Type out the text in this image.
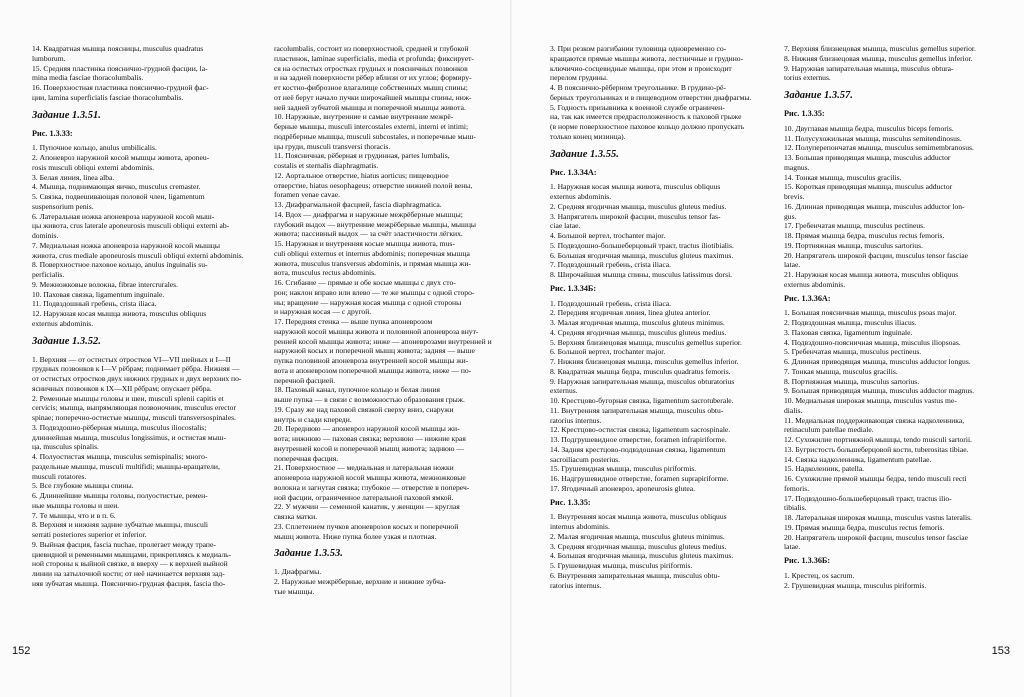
14. Квадратная мышца поясницы, musculus quadratus
lumborum.
15. Средняя пластинка пояснично-грудной фасции, la-
mina media fasciae thoracolumbalis.
16. Поверхностная пластинка пояснично-грудной фас-
ции, lamina superficialis fasciae thoracolumbalis.
Задание 1.3.51.
Рис. 1.3.33:
1. Пупочное кольцо, anulus umbilicalis.
2. Апоневроз наружной косой мышцы живота, aponeu-
rosis musculi obliqui externi abdominis.
3. Белая линия, linea alba.
4. Мышца, поднимающая яичко, musculus cremaster.
5. Связка, подвешивающая половой член, ligamentum
suspensorium penis.
6. Латеральная ножка апоневроза наружной косой мыш-
цы живота, crus laterale aponeurosis musculi obliqui externi ab-
dominis.
7. Медиальная ножка апоневроза наружной косой мышцы
живота, crus mediale aponeurosis musculi obliqui externi abdominis.
8. Поверхностное паховое кольцо, anulus inguinalis su-
perficialis.
9. Межножковые волокна, fibrae intercrurales.
10. Паховая связка, ligamentum inguinale.
11. Подвздошный гребень, crista iliaca.
12. Наружная косая мышца живота, musculus obliquus
externus abdominis.
Задание 1.3.52.
1. Верхняя — от остистых отростков VI—VII шейных и I—II
грудных позвонков к I—V рёбрам; поднимает рёбра. Нижняя —
от остистых отростков двух нижних грудных и двух верхних по-
ясничных позвонков к IX—XII рёбрам; опускает рёбра.
2. Ременные мышцы головы и шеи, musculi splenii capitis et
cervicis; мышца, выпрямляющая позвоночник, musculus erector
spinae; поперечно-остистые мышцы, musculi transversospinales.
3. Подвздошно-рёберная мышца, musculus iliocostalis;
длиннейшая мышца, musculus longissimus, и остистая мыш-
ца, musculus spinalis.
4. Полуостистая мышца, musculus semispinalis; много-
раздельные мышцы, musculi multifidi; мышцы-вращатели,
musculi rotatores.
5. Все глубокие мышцы спины.
6. Длиннейшие мышцы головы, полуостистые, ремен-
ные мышцы головы и шеи.
7. Те мышцы, что и в п. 6.
8. Верхняя и нижняя задние зубчатые мышцы, musculi
serrati posteriores superior et inferior.
9. Выйная фасция, fascia nuchae, пролегает между трапе-
циевидной и ременными мышцами, прикрепляясь к медиаль-
ной стороны к выйной связке, в вверху — к верхней выйной
линии на затылочной кости; от неё начинается верхняя зад-
няя зубчатая мышца. Пояснично-грудная фасция, fascia tho-
racolumbalis, состоит из поверхностной, средней и глубокой
пластинок, laminae superficialis, media et profunda; фиксирует-
ся на остистых отростках грудных и поясничных позвонков
и на задней поверхности рёбер вблизи от их углов; формиру-
ет костно-фиброзное влагалище собственных мышц спины;
от неё берут начало пучки широчайшей мышцы спины, ниж-
ней задней зубчатой мышцы и поперечной мышцы живота.
10. Наружные, внутренние и самые внутренние межрё-
берные мышцы, musculi intercostales externi, interni et intimi;
подрёберные мышцы, musculi subcostales, и поперечные мыш-
цы груди, musculi transversi thoracis.
11. Поясничная, рёберная и грудинная, partes lumbalis,
costalis et sternalis diaphragmatis.
12. Аортальное отверстие, hiatus aorticus; пищеводное
отверстие, hiatus oesophageus; отверстие нижней полой вены,
foramen venae cavae.
13. Диафрагмальной фасцией, fascia diaphragmatica.
14. Вдох — диафрагма и наружные межрёберные мышцы;
глубокий выдох — внутренние межрёберные мышцы, мышцы
живота; пассивный выдох — за счёт эластичности лёгких.
15. Наружная и внутренняя косые мышцы живота, mus-
culi obliqui externus et internus abdominis; поперечная мышца
живота, musculus transversus abdominis, и прямая мышца жи-
вота, musculus rectus abdominis.
16. Сгибание — прямые и обе косые мышцы с двух сто-
рон; наклон вправо или влево — те же мышцы с одной сторо-
ны; вращение — наружная косая мышца с одной стороны
и наружная косая — с другой.
17. Передняя стенка — выше пупка апоневрозом
наружной косой мышцы живота и половиной апоневроза внут-
ренней косой мышцы живота; ниже — апоневрозами внутренней и
наружной косых и поперечной мышц живота; задняя — выше
пупка половиной апоневроза внутренней косой мышцы жи-
вота и апоневрозом поперечной мышцы живота, ниже — по-
перечной фасцией.
18. Паховый канал, пупочное кольцо и белая линия
выше пупка — в связи с возможностью образования грыж.
19. Сразу же над паховой связкой сверху вниз, снаружи
внутрь и сзади кпереди.
20. Переднюю — апоневроз наружной косой мышцы жи-
вота; нижнюю — паховая связка; верхнюю — нижние края
внутренней косой и поперечной мышц живота; заднюю —
поперечная фасция.
21. Поверхностное — медиальная и латеральная ножки
апоневроза наружной косой мышцы живота, межножковые
волокна и загнутая связка; глубокое — отверстие в попереч-
ной фасции, ограниченное латеральной паховой ямкой.
22. У мужчин — семенной канатик, у женщин — круглая
связка матки.
23. Сплетением пучков апоневрозов косых и поперечной
мышц живота. Ниже пупка более узкая и плотная.
Задание 1.3.53.
1. Диафрагмы.
2. Наружные межрёберные, верхние и нижние зубча-
тые мышцы.
152
3. При резком разгибании туловища одновременно со-
кращаются прямые мышцы живота, лестничные и грудино-
ключично-сосцевидные мышцы, при этом и происходит
перелом грудины.
4. В пояснично-рёберном треугольнике. В грудино-рё-
берных треугольниках и в пищеводном отверстии диафрагмы.
5. Годность призывника к военной службе ограничен-
на, так как имеется предрасположенность к паховой грыже
(в норме поверхностное паховое кольцо должно пропускать
только конец мизинца).
Задание 1.3.55.
Рис. 1.3.34А:
1. Наружная косая мышца живота, musculus obliquus
externus abdominis.
2. Средняя ягодичная мышца, musculus gluteus medius.
3. Напрягатель широкой фасции, musculus tensor fas-
ciae latae.
4. Большой вертел, trochanter major.
5. Подвздошно-большеберцовый тракт, tractus iliotibialis.
6. Большая ягодичная мышца, musculus gluteus maximus.
7. Подвздошный гребень, crista iliaca.
8. Широчайшая мышца спины, musculus latissimus dorsi.
Рис. 1.3.34Б:
1. Подвздошный гребень, crista iliaca.
2. Передняя ягодичная линия, linea glutea anterior.
3. Малая ягодичная мышца, musculus gluteus minimus.
4. Средняя ягодичная мышца, musculus gluteus medius.
5. Верхняя близнецовая мышца, musculus gemellus superior.
6. Большой вертел, trochanter major.
7. Нижняя близнецовая мышца, musculus gemellus inferior.
8. Квадратная мышца бедра, musculus quadratus femoris.
9. Наружная запирательная мышца, musculus obturatorius
externus.
10. Крестцово-бугорная связка, ligamentum sacrotuberale.
11. Внутренняя запирательная мышца, musculus obtu-
ratorius internus.
12. Крестцово-остистая связка, ligamentum sacrospinale.
13. Подгрушевидное отверстие, foramen infrapiriforme.
14. Задняя крестцово-подвздошная связка, ligamentum
sacroiliacum posterius.
15. Грушевидная мышца, musculus piriformis.
16. Надгрушевидное отверстие, foramen suprapiriforme.
17. Ягодичный апоневроз, aponeurosis glutea.
Рис. 1.3.35:
1. Внутренняя косая мышца живота, musculus obliquus
internus abdominis.
2. Малая ягодичная мышца, musculus gluteus minimus.
3. Средняя ягодичная мышца, musculus gluteus medius.
4. Большая ягодичная мышца, musculus gluteus maximus.
5. Грушевидная мышца, musculus piriformis.
6. Внутренняя запирательная мышца, musculus obtu-
ratorius internus.
7. Верхняя близнецовая мышца, musculus gemellus superior.
8. Нижняя близнецовая мышца, musculus gemellus inferior.
9. Наружная запирательная мышца, musculus obtura-
torius externus.
Задание 1.3.57.
Рис. 1.3.35:
10. Двуглавая мышца бедра, musculus biceps femoris.
11. Полусухожильная мышца, musculus semitendinosus.
12. Полуперепончатая мышца, musculus semimembranosus.
13. Большая приводящая мышца, musculus adductor
magnus.
14. Тонкая мышца, musculus gracilis.
15. Короткая приводящая мышца, musculus adductor
brevis.
16. Длинная приводящая мышца, musculus adductor lon-
gus.
17. Гребенчатая мышца, musculus pectineus.
18. Прямая мышца бедра, musculus rectus femoris.
19. Портняжная мышца, musculus sartorius.
20. Напрягатель широкой фасции, musculus tensor fasciae
latae.
21. Наружная косая мышца живота, musculus obliquus
externus abdominis.
Рис. 1.3.36А:
1. Большая поясничная мышца, musculus psoas major.
2. Подвздошная мышца, musculus iliacus.
3. Паховая связка, ligamentum inguinale.
4. Подвздошно-поясничная мышца, musculus iliopsoas.
5. Гребенчатая мышца, musculus pectineus.
6. Длинная приводящая мышца, musculus adductor longus.
7. Тонкая мышца, musculus gracilis.
8. Портняжная мышца, musculus sartorius.
9. Большая приводящая мышца, musculus adductor magnus.
10. Медиальная широкая мышца, musculus vastus me-
dialis.
11. Медиальная поддерживающая связка надколенника,
retinaculum patellae mediale.
12. Сухожилие портняжной мышцы, tendo musculi sartorii.
13. Бугристость большеберцовой кости, tuberositas tibiae.
14. Связка надколенника, ligamentum patellae.
15. Надколенник, patella.
16. Сухожилие прямой мышцы бедра, tendo musculi recti
femoris.
17. Подвздошно-большеберцовый тракт, tractus ilio-
tibialis.
18. Латеральная широкая мышца, musculus vastus lateralis.
19. Прямая мышца бедра, musculus rectus femoris.
20. Напрягатель широкой фасции, musculus tensor fasciae
latae.
Рис. 1.3.36Б:
1. Крестец, os sacrum.
2. Грушевидная мышца, musculus piriformis.
153
